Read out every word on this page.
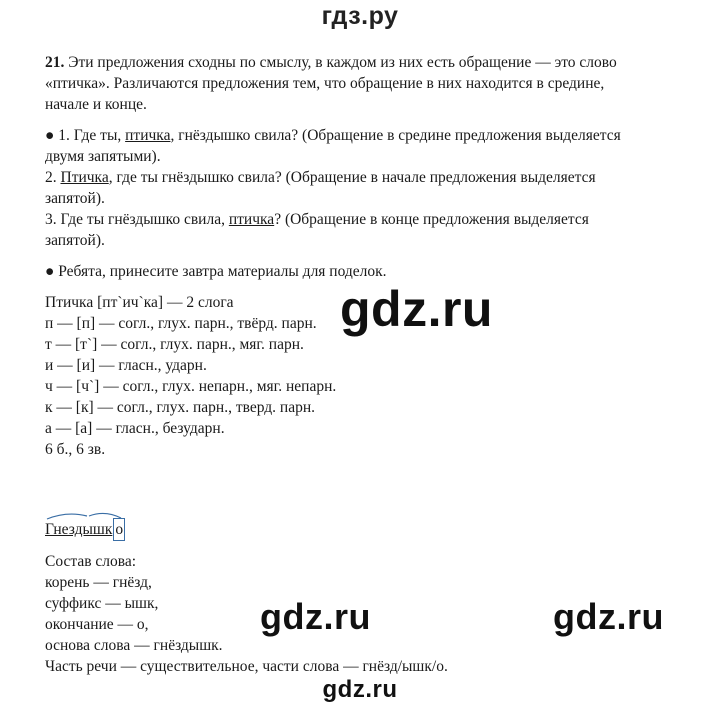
гдз.ру
21. Эти предложения сходны по смыслу, в каждом из них есть обращение — это слово
«птичка». Различаются предложения тем, что обращение в них находится в средине,
начале и конце.
● 1. Где ты, птичка, гнёздышко свила? (Обращение в средине предложения выделяется
двумя запятыми).
2. Птичка, где ты гнёздышко свила? (Обращение в начале предложения выделяется
запятой).
3. Где ты гнёздышко свила, птичка? (Обращение в конце предложения выделяется
запятой).
● Ребята, принесите завтра материалы для поделок.
Птичка [пт`ич`ка] — 2 слога
п — [п] — согл., глух. парн., твёрд. парн.
т — [т`] — согл., глух. парн., мяг. парн.
и — [и] — гласн., ударн.
ч — [ч`] — согл., глух. непарн., мяг. непарн.
к — [к] — согл., глух. парн., тверд. парн.
а — [а] — гласн., безударн.
6 б., 6 зв.
Гнездышк о
Состав слова:
корень — гнёзд,
суффикс — ышк,
окончание — о,
основа слова — гнёздышк.
Часть речи — существительное, части слова — гнёзд/ышк/о.
gdz.ru
gdz.ru	gdz.ru
gdz.ru
